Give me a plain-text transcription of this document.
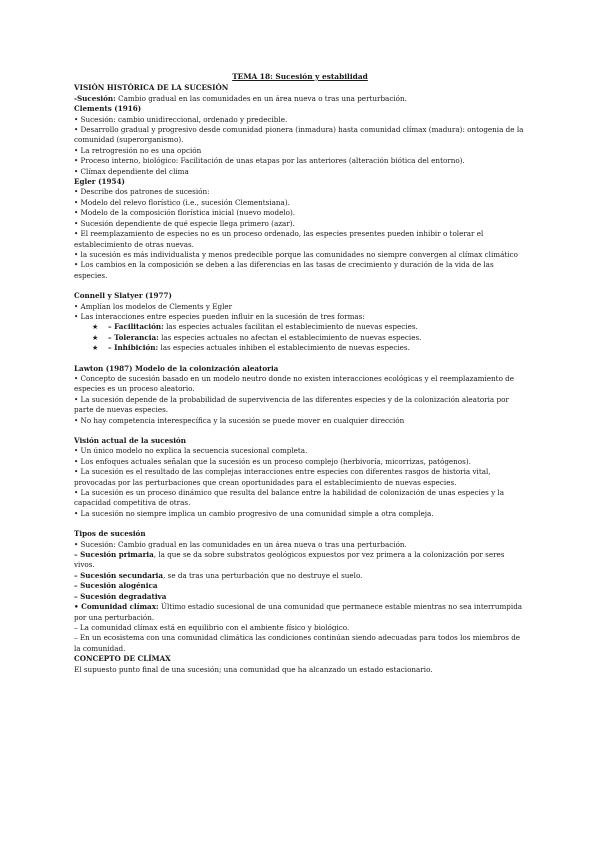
TEMA 18: Sucesión y estabilidad
VISIÓN HISTÓRICA DE LA SUCESIÓN
-Sucesión: Cambio gradual en las comunidades en un área nueva o tras una perturbación.
Clements (1916)
• Sucesión: cambio unidireccional, ordenado y predecible.
• Desarrollo gradual y progresivo desde comunidad pionera (inmadura) hasta comunidad clímax (madura): ontogenia de la comunidad (superorganismo).
• La retrogresión no es una opción
• Proceso interno, biológico: Facilitación de unas etapas por las anteriores (alteración biótica del entorno).
• Clímax dependiente del clima
Egler (1954)
• Describe dos patrones de sucesión:
• Modelo del relevo florístico (i.e., sucesión Clementsiana).
• Modelo de la composición florística inicial (nuevo modelo).
• Sucesión dependiente de qué especie llega primero (azar).
• El reemplazamiento de especies no es un proceso ordenado, las especies presentes pueden inhibir o tolerar el establecimiento de otras nuevas.
• la sucesión es más individualista y menos predecible porque las comunidades no siempre convergen al clímax climático
• Los cambios en la composición se deben a las diferencias en las tasas de crecimiento y duración de la vida de las especies.
Connell y Slatyer (1977)
• Amplían los modelos de Clements y Egler
• Las interacciones entre especies pueden influir en la sucesión de tres formas:
★	– Facilitación: las especies actuales facilitan el establecimiento de nuevas especies.
★	– Tolerancia: las especies actuales no afectan el establecimiento de nuevas especies.
★	– Inhibición: las especies actuales inhiben el establecimiento de nuevas especies.
Lawton (1987) Modelo de la colonización aleatoria
• Concepto de sucesión basado en un modelo neutro donde no existen interacciones ecológicas y el reemplazamiento de especies es un proceso aleatorio.
• La sucesión depende de la probabilidad de supervivencia de las diferentes especies y de la colonización aleatoria por parte de nuevas especies.
• No hay competencia interespecífica y la sucesión se puede mover en cualquier dirección
Visión actual de la sucesión
• Un único modelo no explica la secuencia sucesional completa.
• Los enfoques actuales señalan que la sucesión es un proceso complejo (herbivoría, micorrizas, patógenos).
• La sucesión es el resultado de las complejas interacciones entre especies con diferentes rasgos de historia vital, provocadas por las perturbaciones que crean oportunidades para el establecimiento de nuevas especies.
• La sucesión es un proceso dinámico que resulta del balance entre la habilidad de colonización de unas especies y la capacidad competitiva de otras.
• La sucesión no siempre implica un cambio progresivo de una comunidad simple a otra compleja.
Tipos de sucesión
• Sucesión: Cambio gradual en las comunidades en un área nueva o tras una perturbación.
– Sucesión primaria, la que se da sobre substratos geológicos expuestos por vez primera a la colonización por seres vivos.
– Sucesión secundaria, se da tras una perturbación que no destruye el suelo.
– Sucesión alogénica
– Sucesión degradativa
• Comunidad clímax: Último estadio sucesional de una comunidad que permanece estable mientras no sea interrumpida por una perturbación.
– La comunidad clímax está en equilibrio con el ambiente físico y biológico.
– En un ecosistema con una comunidad climática las condiciones continúan siendo adecuadas para todos los miembros de la comunidad.
CONCEPTO DE CLÍMAX
El supuesto punto final de una sucesión; una comunidad que ha alcanzado un estado estacionario.
